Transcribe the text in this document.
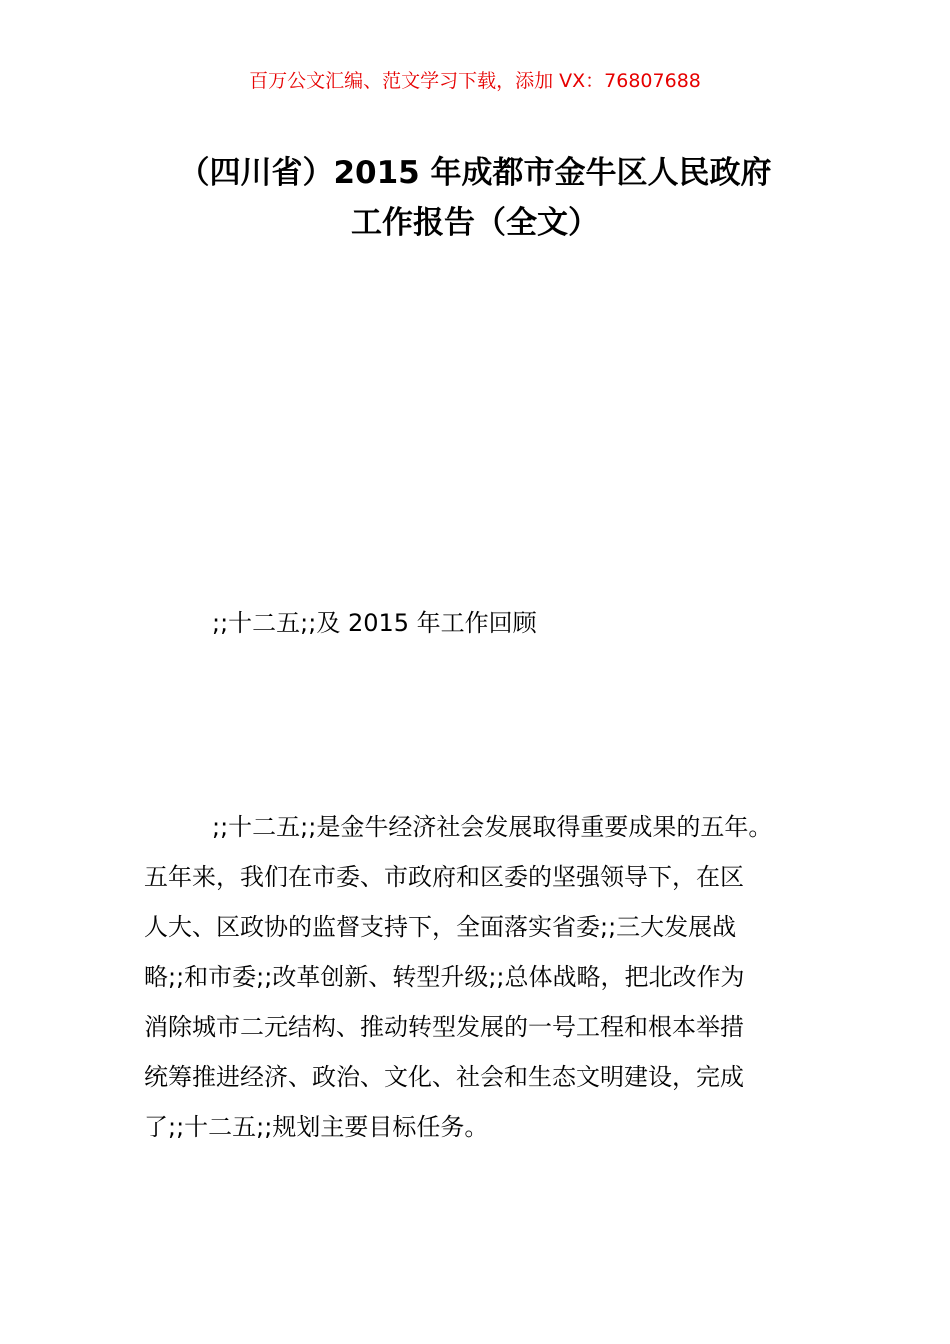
百万公文汇编、范文学习下载，添加 VX：76807688
（四川省）2015 年成都市金牛区人民政府
工作报告（全文）
;;十二五;;及 2015 年工作回顾
;;十二五;;是金牛经济社会发展取得重要成果的五年。
五年来，我们在市委、市政府和区委的坚强领导下，在区
人大、区政协的监督支持下，全面落实省委;;三大发展战
略;;和市委;;改革创新、转型升级;;总体战略，把北改作为
消除城市二元结构、推动转型发展的一号工程和根本举措
统筹推进经济、政治、文化、社会和生态文明建设，完成
了;;十二五;;规划主要目标任务。
